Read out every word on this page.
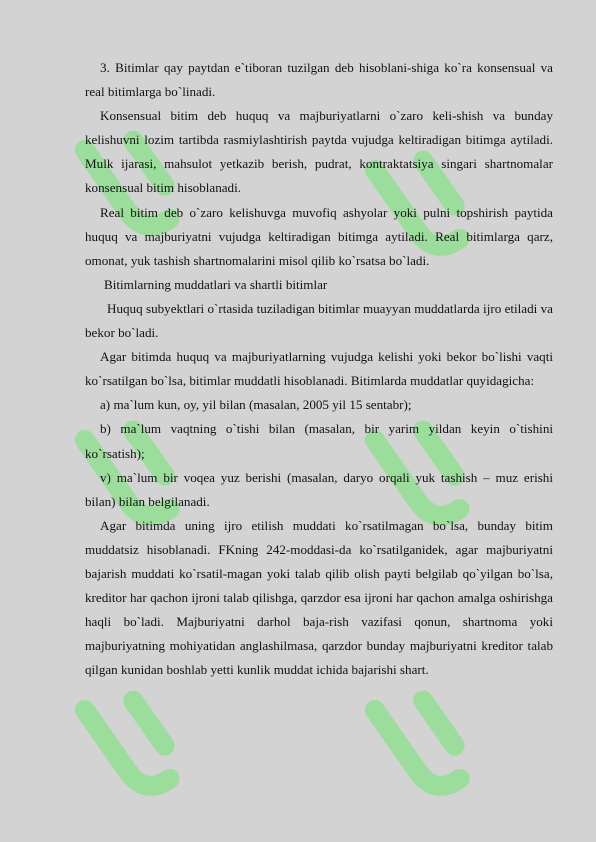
3. Bitimlar qay paytdan e`tiboran tuzilgan deb hisoblani-shiga ko`ra konsensual va real bitimlarga bo`linadi.

Konsensual bitim deb huquq va majburiyatlarni o`zaro keli-shish va bunday kelishuvni lozim tartibda rasmiylashtirish paytda vujudga keltiradigan bitimga aytiladi. Mulk ijarasi, mahsulot yetkazib berish, pudrat, kontraktatsiya singari shartnomalar konsensual bitim hisoblanadi.

Real bitim deb o`zaro kelishuvga muvofiq ashyolar yoki pulni topshirish paytida huquq va majburiyatni vujudga keltiradigan bitimga aytiladi. Real bitimlarga qarz, omonat, yuk tashish shartnomalarini misol qilib ko`rsatsa bo`ladi.

Bitimlarning muddatlari va shartli bitimlar

Huquq subyektlari o`rtasida tuziladigan bitimlar muayyan muddatlarda ijro etiladi va bekor bo`ladi.

Agar bitimda huquq va majburiyatlarning vujudga kelishi yoki bekor bo`lishi vaqti ko`rsatilgan bo`lsa, bitimlar muddatli hisoblanadi. Bitimlarda muddatlar quyidagicha:

a) ma`lum kun, oy, yil bilan (masalan, 2005 yil 15 sentabr);

b) ma`lum vaqtning o`tishi bilan (masalan, bir yarim yildan keyin o`tishini ko`rsatish);

v) ma`lum bir voqea yuz berishi (masalan, daryo orqali yuk tashish – muz erishi bilan) bilan belgilanadi.

Agar bitimda uning ijro etilish muddati ko`rsatilmagan bo`lsa, bunday bitim muddatsiz hisoblanadi. FKning 242-moddasi-da ko`rsatilganidek, agar majburiyatni bajarish muddati ko`rsatil-magan yoki talab qilib olish payti belgilab qo`yilgan bo`lsa, kreditor har qachon ijroni talab qilishga, qarzdor esa ijroni har qachon amalga oshirishga haqli bo`ladi. Majburiyatni darhol baja-rish vazifasi qonun, shartnoma yoki majburiyatning mohiyatidan anglashilmasa, qarzdor bunday majburiyatni kreditor talab qilgan kunidan boshlab yetti kunlik muddat ichida bajarishi shart.
